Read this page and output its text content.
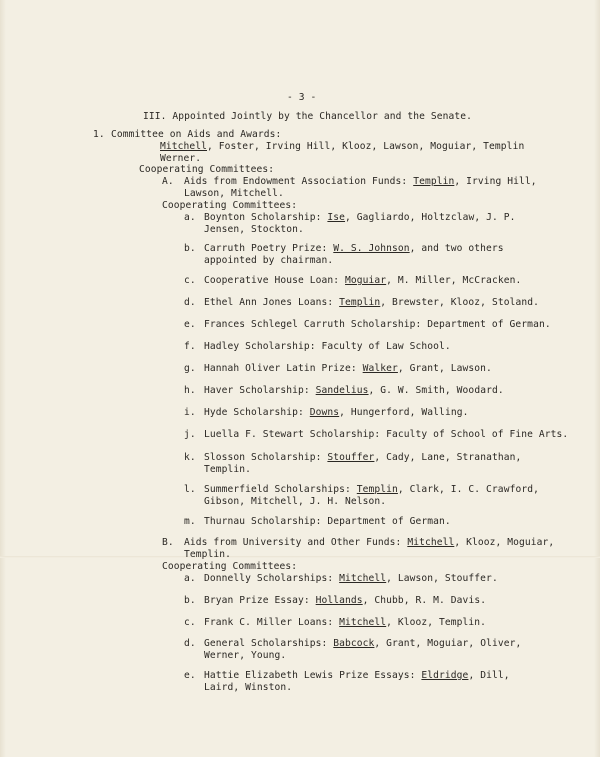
- 3 -
III. Appointed Jointly by the Chancellor and the Senate.
1. Committee on Aids and Awards:
Mitchell, Foster, Irving Hill, Klooz, Lawson, Moguiar, Templin
Werner.
Cooperating Committees:
A. Aids from Endowment Association Funds: Templin, Irving Hill,
Lawson, Mitchell.
Cooperating Committees:
a. Boynton Scholarship: Ise, Gagliardo, Holtzclaw, J. P.
Jensen, Stockton.
b. Carruth Poetry Prize: W. S. Johnson, and two others
appointed by chairman.
c. Cooperative House Loan: Moguiar, M. Miller, McCracken.
d. Ethel Ann Jones Loans: Templin, Brewster, Klooz, Stoland.
e. Frances Schlegel Carruth Scholarship: Department of German.
f. Hadley Scholarship: Faculty of Law School.
g. Hannah Oliver Latin Prize: Walker, Grant, Lawson.
h. Haver Scholarship: Sandelius, G. W. Smith, Woodard.
i. Hyde Scholarship: Downs, Hungerford, Walling.
j. Luella F. Stewart Scholarship: Faculty of School of Fine Arts.
k. Slosson Scholarship: Stouffer, Cady, Lane, Stranathan,
Templin.
l. Summerfield Scholarships: Templin, Clark, I. C. Crawford,
Gibson, Mitchell, J. H. Nelson.
m. Thurnau Scholarship: Department of German.
B. Aids from University and Other Funds: Mitchell, Klooz, Moguiar,
Templin.
Cooperating Committees:
a. Donnelly Scholarships: Mitchell, Lawson, Stouffer.
b. Bryan Prize Essay: Hollands, Chubb, R. M. Davis.
c. Frank C. Miller Loans: Mitchell, Klooz, Templin.
d. General Scholarships: Babcock, Grant, Moguiar, Oliver,
Werner, Young.
e. Hattie Elizabeth Lewis Prize Essays: Eldridge, Dill,
Laird, Winston.
